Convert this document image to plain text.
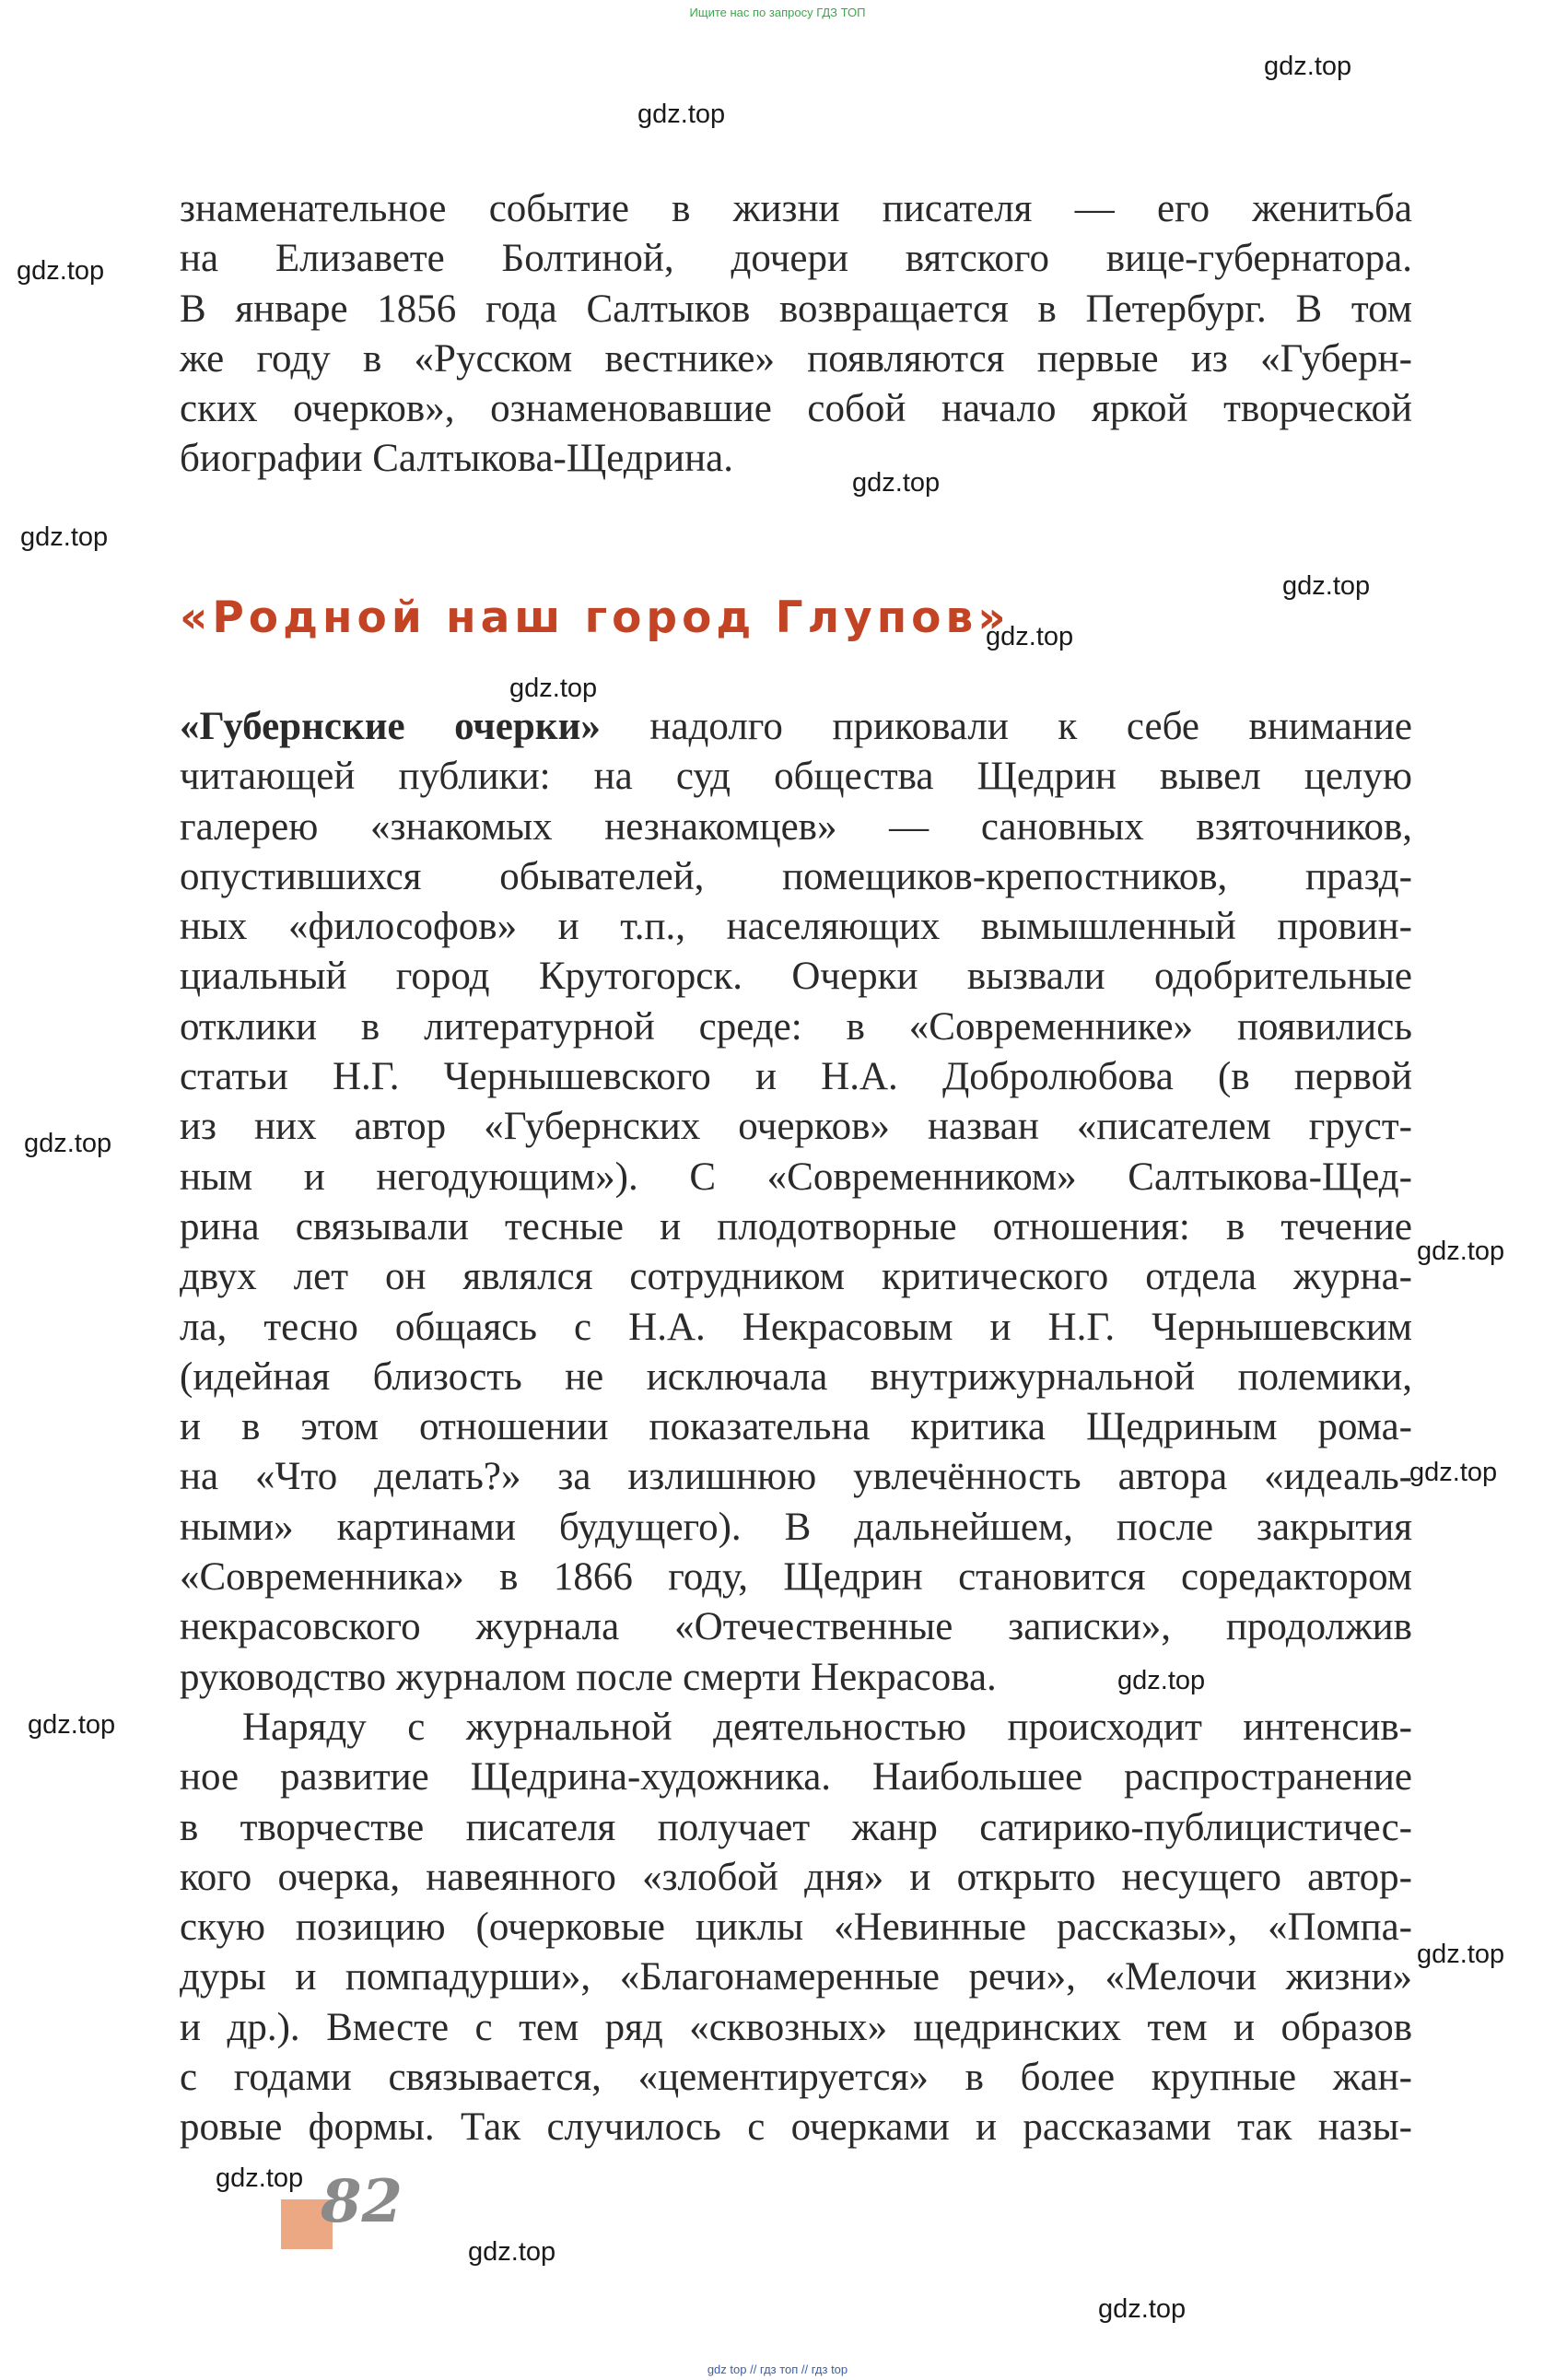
Ищите нас по запросу ГДЗ ТОП
gdz.top
gdz.top
gdz.top
gdz.top
gdz.top
gdz.top
gdz.top
gdz.top
gdz.top
gdz.top
gdz.top
gdz.top
gdz.top
gdz.top
gdz.top
gdz.top
gdz.top
знаменательное событие в жизни писателя — его женитьба
на Елизавете Болтиной, дочери вятского вице-губернатора.
В январе 1856 года Салтыков возвращается в Петербург. В том
же году в «Русском вестнике» появляются первые из «Губерн-
ских очерков», ознаменовавшие собой начало яркой творческой
биографии Салтыкова-Щедрина.
«Родной наш город Глупов»
«Губернские очерки» надолго приковали к себе внимание
читающей публики: на суд общества Щедрин вывел целую
галерею «знакомых незнакомцев» — сановных взяточников,
опустившихся обывателей, помещиков-крепостников, празд-
ных «философов» и т.п., населяющих вымышленный провин-
циальный город Крутогорск. Очерки вызвали одобрительные
отклики в литературной среде: в «Современнике» появились
статьи Н.Г. Чернышевского и Н.А. Добролюбова (в первой
из них автор «Губернских очерков» назван «писателем груст-
ным и негодующим»). С «Современником» Салтыкова-Щед-
рина связывали тесные и плодотворные отношения: в течение
двух лет он являлся сотрудником критического отдела журна-
ла, тесно общаясь с Н.А. Некрасовым и Н.Г. Чернышевским
(идейная близость не исключала внутрижурнальной полемики,
и в этом отношении показательна критика Щедриным рома-
на «Что делать?» за излишнюю увлечённость автора «идеаль-
ными» картинами будущего). В дальнейшем, после закрытия
«Современника» в 1866 году, Щедрин становится соредактором
некрасовского журнала «Отечественные записки», продолжив
руководство журналом после смерти Некрасова.
Наряду с журнальной деятельностью происходит интенсив-
ное развитие Щедрина-художника. Наибольшее распространение
в творчестве писателя получает жанр сатирико-публицистичес-
кого очерка, навеянного «злобой дня» и открыто несущего автор-
скую позицию (очерковые циклы «Невинные рассказы», «Помпа-
дуры и помпадурши», «Благонамеренные речи», «Мелочи жизни»
и др.). Вместе с тем ряд «сквозных» щедринских тем и образов
с годами связывается, «цементируется» в более крупные жан-
ровые формы. Так случилось с очерками и рассказами так назы-
82
gdz top // гдз топ // гдз top
